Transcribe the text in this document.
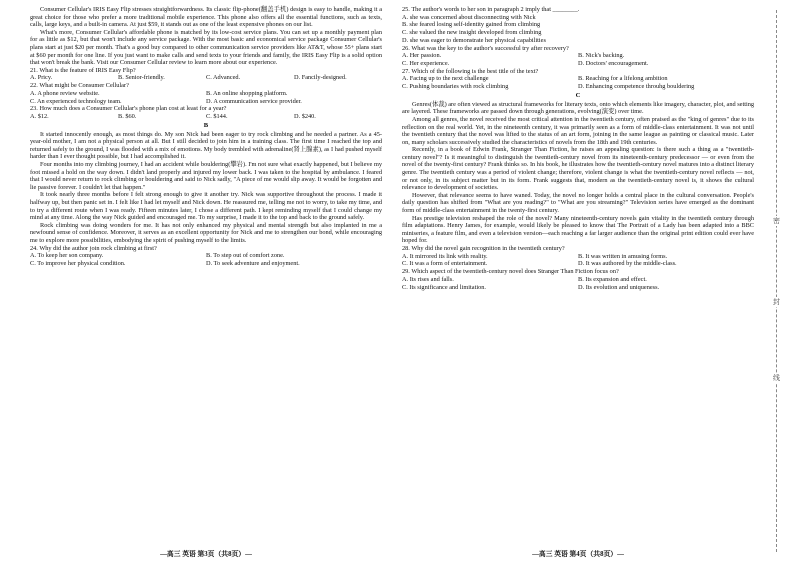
Consumer Cellular's IRIS Easy Flip stresses straightforwardness. Its classic flip-phone(翻盖手机) design is easy to handle, making it a great choice for those who prefer a more traditional mobile experience. This phone also offers all the essential functions, such as texts, calls, large keys, and a built-in camera. At just $59, it stands out as one of the least expensive phones on our list.

What's more, Consumer Cellular's affordable phone is matched by its low-cost service plans. You can set up a monthly payment plan for as little as $12, but that won't include any service package. With the most basic and economical service package Consumer Cellular's plans start at just $20 per month. That's a good buy compared to other communication service providers like AT&T, whose 55+ plans start at $60 per month for one line. If you just want to make calls and send texts to your friends and family, the IRIS Easy Flip is a solid option that won't break the bank. Visit our Consumer Cellular review to learn more about our experience.

21. What is the feature of IRIS Easy Flip?
A. Pricy.	B. Senior-friendly.	C. Advanced.	D. Fancily-designed.
22. What might be Consumer Cellular?
A. A phone review website.	B. An online shopping platform.
C. An experienced technology team.	D. A communication service provider.
23. How much does a Consumer Cellular's phone plan cost at least for a year?
A. $12.	B. $60.	C. $144.	D. $240.
B

It started innocently enough, as most things do. My son Nick had been eager to try rock climbing and he needed a partner. As a 45-year-old mother, I am not a physical person at all. But I still decided to join him in a training class. The first time I reached the top and returned safely to the ground, I was flooded with a mix of emotions. My body trembled with adrenaline(肾上腺素), as I had pushed myself harder than I ever thought possible, but I had accomplished it.

Four months into my climbing journey, I had an accident while bouldering(攀岩). I'm not sure what exactly happened, but I believe my foot missed a hold on the way down. I didn't land properly and injured my lower back. I was taken to the hospital by ambulance. I feared that I would never return to rock climbing or bouldering and said to Nick sadly, "A piece of me would slip away. It would be forgotten and lie passive forever. I couldn't let that happen."

It took nearly three months before I felt strong enough to give it another try. Nick was supportive throughout the process. I made it halfway up, but then panic set in. I felt like I had let myself and Nick down. He reassured me, telling me not to worry, to take my time, and to try a different route when I was ready. Fifteen minutes later, I chose a different path. I kept reminding myself that I could change my mind at any time. Along the way Nick guided and encouraged me. To my surprise, I made it to the top and back to the ground safely.

Rock climbing was doing wonders for me. It has not only enhanced my physical and mental strength but also implanted in me a newfound sense of confidence. Moreover, it serves as an excellent opportunity for Nick and me to strengthen our bond, while encouraging me to explore more possibilities, embodying the spirit of pushing myself to the limits.

24. Why did the author join rock climbing at first?
A. To keep her son company.	B. To step out of comfort zone.
C. To improve her physical condition.	D. To seek adventure and enjoyment.
—高三 英语 第3页（共8页）—
25. The author's words to her son in paragraph 2 imply that ________.
A. she was concerned about disconnecting with Nick
B. she feared losing self-identity gained from climbing
C. she valued the new insight developed from climbing
D. she was eager to demonstrate her physical capabilities
26. What was the key to the author's successful try after recovery?
A. Her passion.	B. Nick's backing.
C. Her experience.	D. Doctors' encouragement.
27. Which of the following is the best title of the text?
A. Facing up to the next challenge	B. Reaching for a lifelong ambition
C. Pushing boundaries with rock climbing	D. Enhancing competence throuhg bouldering
C

Genres(体裁) are often viewed as structural frameworks for literary texts, onto which elements like imagery, character, plot, and setting are layered. These frameworks are passed down through generations, evolving(演变) over time.

Among all genres, the novel received the most critical attention in the twentieth century, often praised as the "king of genres" due to its reflection on the real world. Yet, in the nineteenth century, it was primarily seen as a form of middle-class entertainment. It was not until the twentieth century that the novel was lifted to the status of an art form, joining in the same league as painting or classical music. Later on, many scholars successively studied the characteristics of novels from the 18th and 19th centuries.

Recently, in a book of Edwin Frank, Stranger Than Fiction, he raises an appealing question: is there such a thing as a "twentieth-century novel"? Is it meaningful to distinguish the twentieth-century novel from its nineteenth-century predecessor — or even from the novel of the twenty-first century? Frank thinks so. In his book, he illustrates how the twentieth-century novel matures into a distinct literary genre. The twentieth century was a period of violent change; therefore, violent change is what the twentieth-century novel reflects — not, or not only, in its subject matter but in its form. Frank suggests that, modern as the twentieth-century novel is, it shows the cultural relevance to development of societies.

However, that relevance seems to have waned. Today, the novel no longer holds a central place in the cultural conversation. People's daily question has shifted from "What are you reading?" to "What are you streaming?" Television series have emerged as the dominant form of middle-class entertainment in the twenty-first century.

Has prestige television reshaped the role of the novel? Many nineteenth-century novels gain vitality in the twentieth century through film adaptations. Henry James, for example, would likely be pleased to know that The Portrait of a Lady has been adapted into a BBC miniseries, a feature film, and even a television version—each reaching a far larger audience than the original print edition could ever have hoped for.

28. Why did the novel gain recognition in the twentieth century?
A. It mirrored its link with reality.	B. It was written in amusing forms.
C. It was a form of entertainment.	D. It was authored by the middle-class.
29. Which aspect of the twentieth-century novel does Stranger Than Fiction focus on?
A. Its rises and falls.	B. Its expansion and effect.
C. Its significance and limitation.	D. Its evolution and uniqueness.
—高三 英语 第4页（共8页）—
密
封
线
